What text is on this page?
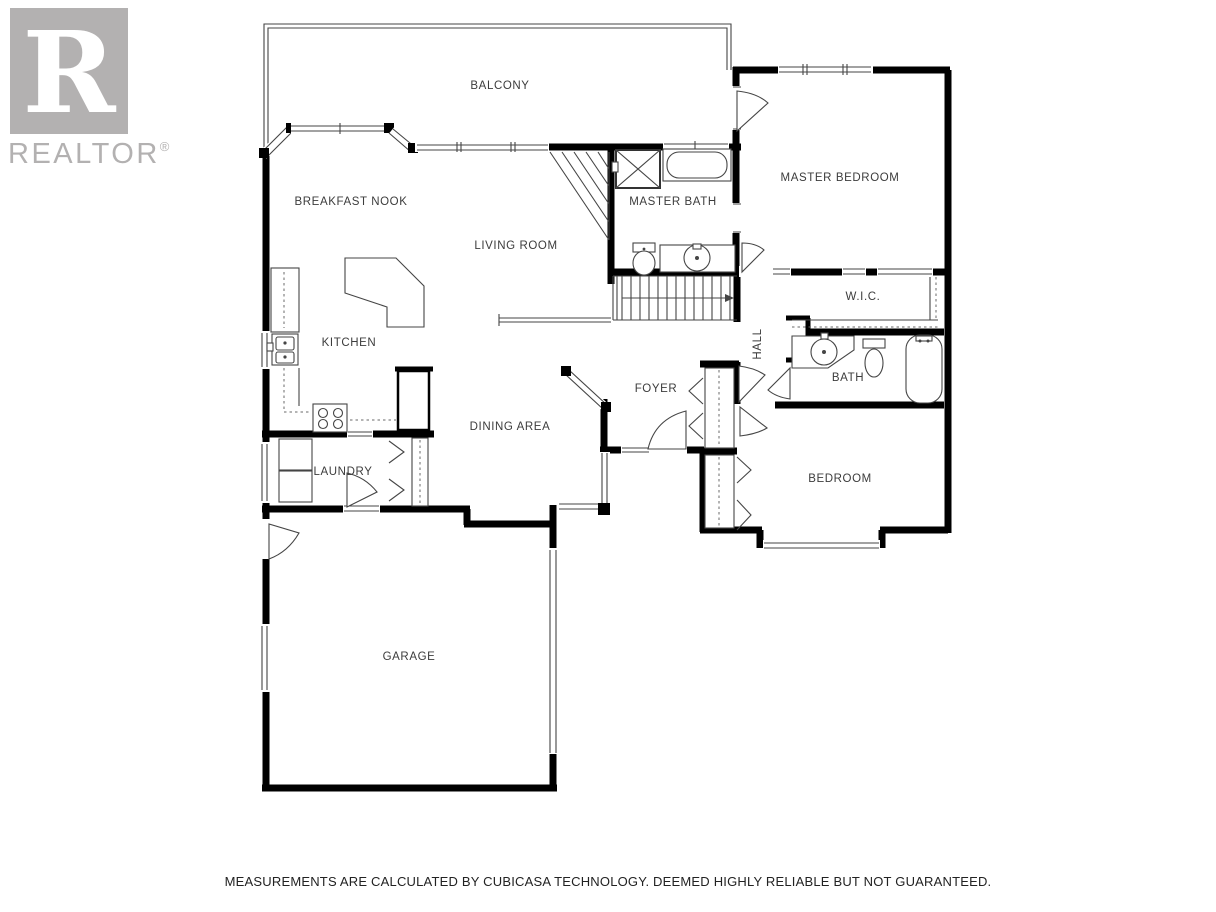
R
REALTOR®
BALCONY
BREAKFAST NOOK
LIVING ROOM
MASTER BATH
MASTER BEDROOM
KITCHEN
W.I.C.
HALL
BATH
FOYER
DINING AREA
LAUNDRY
BEDROOM
GARAGE
MEASUREMENTS ARE CALCULATED BY CUBICASA TECHNOLOGY. DEEMED HIGHLY RELIABLE BUT NOT GUARANTEED.
